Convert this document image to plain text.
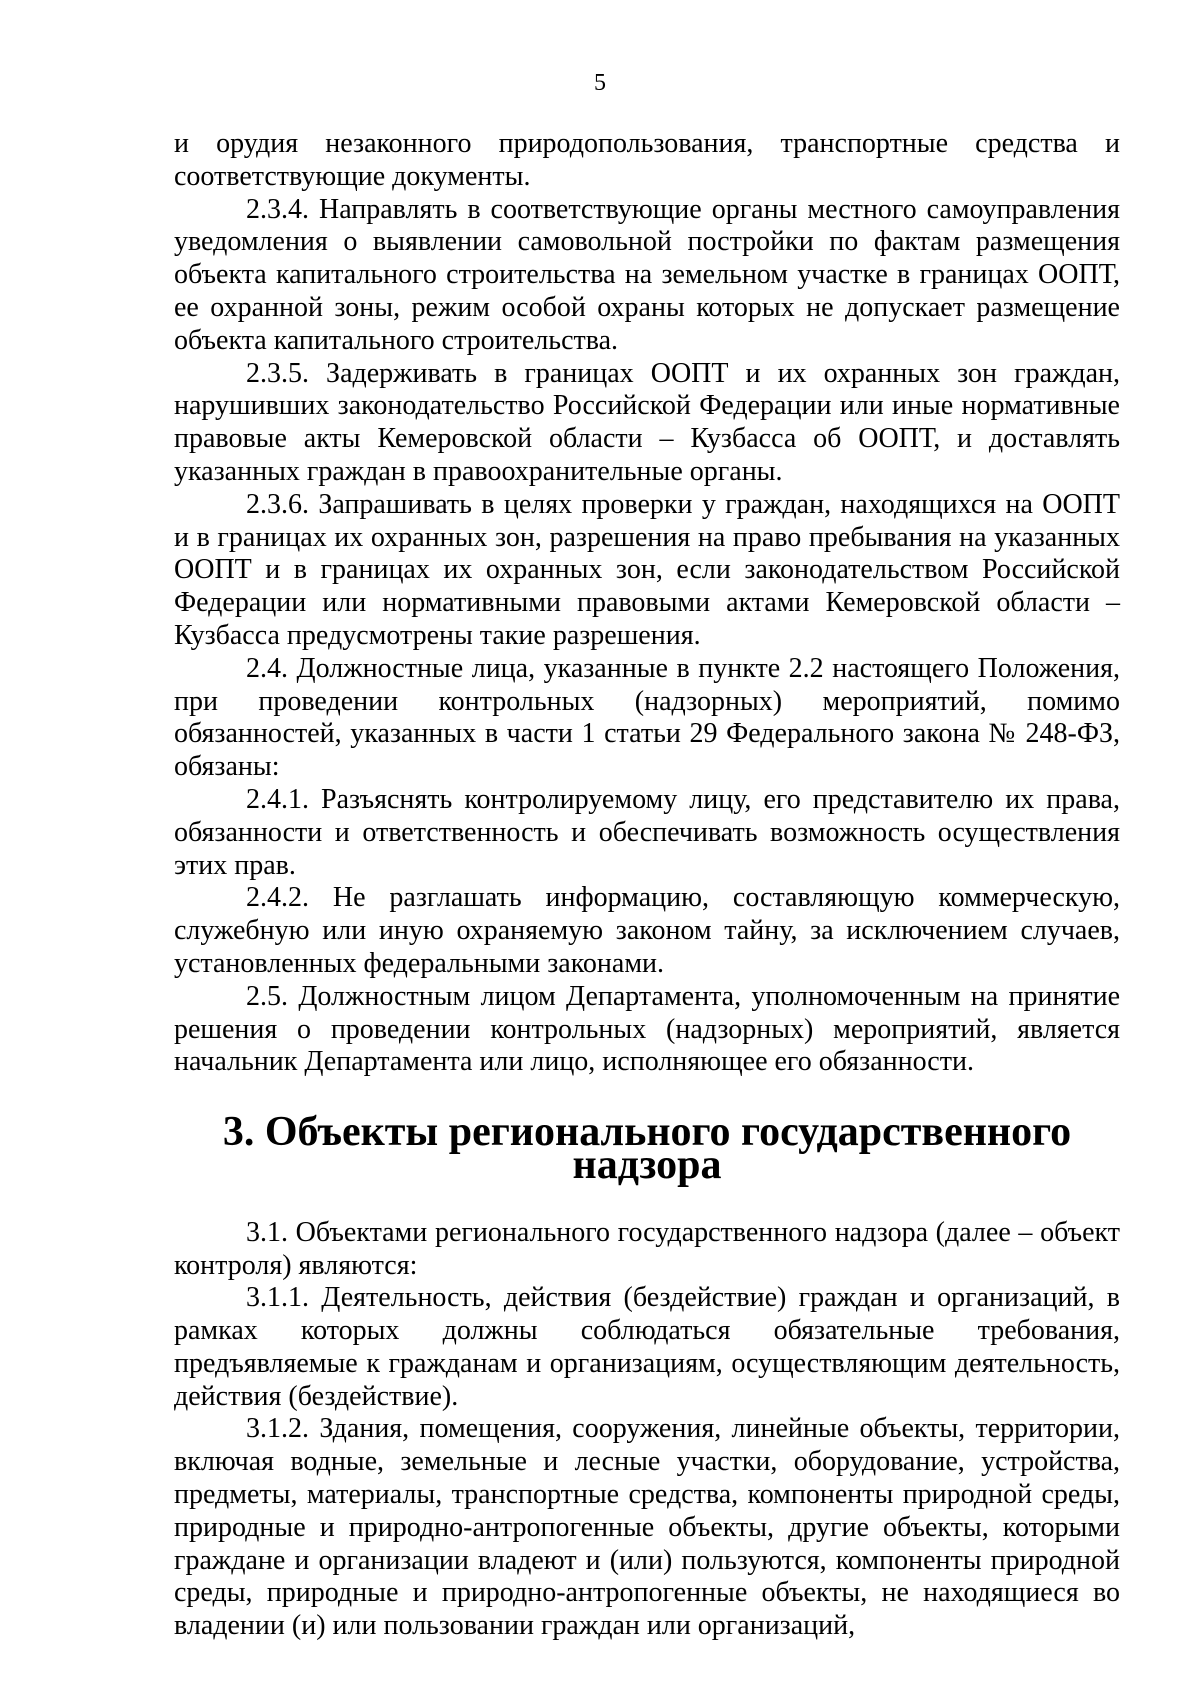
5

и орудия незаконного природопользования, транспортные средства и соответствующие документы.

2.3.4. Направлять в соответствующие органы местного самоуправления уведомления о выявлении самовольной постройки по фактам размещения объекта капитального строительства на земельном участке в границах ООПТ, ее охранной зоны, режим особой охраны которых не допускает размещение объекта капитального строительства.

2.3.5. Задерживать в границах ООПТ и их охранных зон граждан, нарушивших законодательство Российской Федерации или иные нормативные правовые акты Кемеровской области – Кузбасса об ООПТ, и доставлять указанных граждан в правоохранительные органы.

2.3.6. Запрашивать в целях проверки у граждан, находящихся на ООПТ и в границах их охранных зон, разрешения на право пребывания на указанных ООПТ и в границах их охранных зон, если законодательством Российской Федерации или нормативными правовыми актами Кемеровской области – Кузбасса предусмотрены такие разрешения.

2.4. Должностные лица, указанные в пункте 2.2 настоящего Положения, при проведении контрольных (надзорных) мероприятий, помимо обязанностей, указанных в части 1 статьи 29 Федерального закона № 248-ФЗ, обязаны:

2.4.1. Разъяснять контролируемому лицу, его представителю их права, обязанности и ответственность и обеспечивать возможность осуществления этих прав.

2.4.2. Не разглашать информацию, составляющую коммерческую, служебную или иную охраняемую законом тайну, за исключением случаев, установленных федеральными законами.

2.5. Должностным лицом Департамента, уполномоченным на принятие решения о проведении контрольных (надзорных) мероприятий, является начальник Департамента или лицо, исполняющее его обязанности.

3. Объекты регионального государственного надзора

3.1. Объектами регионального государственного надзора (далее – объект контроля) являются:

3.1.1. Деятельность, действия (бездействие) граждан и организаций, в рамках которых должны соблюдаться обязательные требования, предъявляемые к гражданам и организациям, осуществляющим деятельность, действия (бездействие).

3.1.2. Здания, помещения, сооружения, линейные объекты, территории, включая водные, земельные и лесные участки, оборудование, устройства, предметы, материалы, транспортные средства, компоненты природной среды, природные и природно-антропогенные объекты, другие объекты, которыми граждане и организации владеют и (или) пользуются, компоненты природной среды, природные и природно-антропогенные объекты, не находящиеся во владении (и) или пользовании граждан или организаций,
